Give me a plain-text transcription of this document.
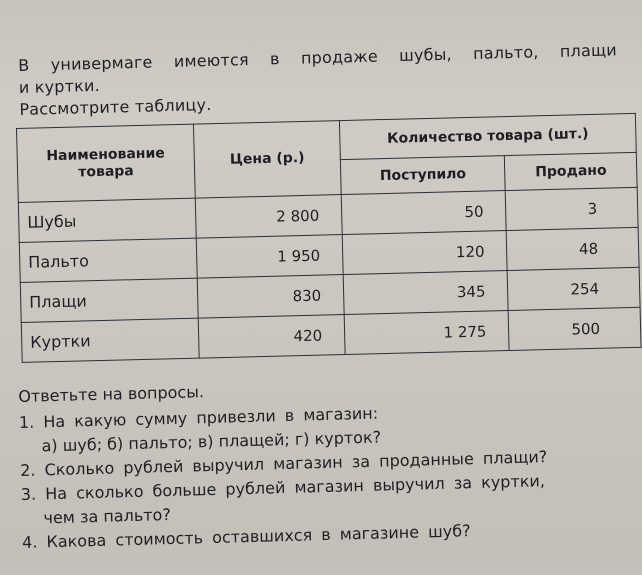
В универмаге имеются в продаже шубы, пальто, плащи
и куртки.
Рассмотрите таблицу.
Наименование товара	Цена (р.)	Количество товара (шт.)	
		Поступило	Продано
Шубы	2 800	50	3
Пальто	1 950	120	48
Плащи	830	345	254
Куртки	420	1 275	500
Ответьте на вопросы.
1. На какую сумму привезли в магазин:
а) шуб; б) пальто; в) плащей; г) курток?
2. Сколько рублей выручил магазин за проданные плащи?
3. На сколько больше рублей магазин выручил за куртки,
чем за пальто?
4. Какова стоимость оставшихся в магазине шуб?
